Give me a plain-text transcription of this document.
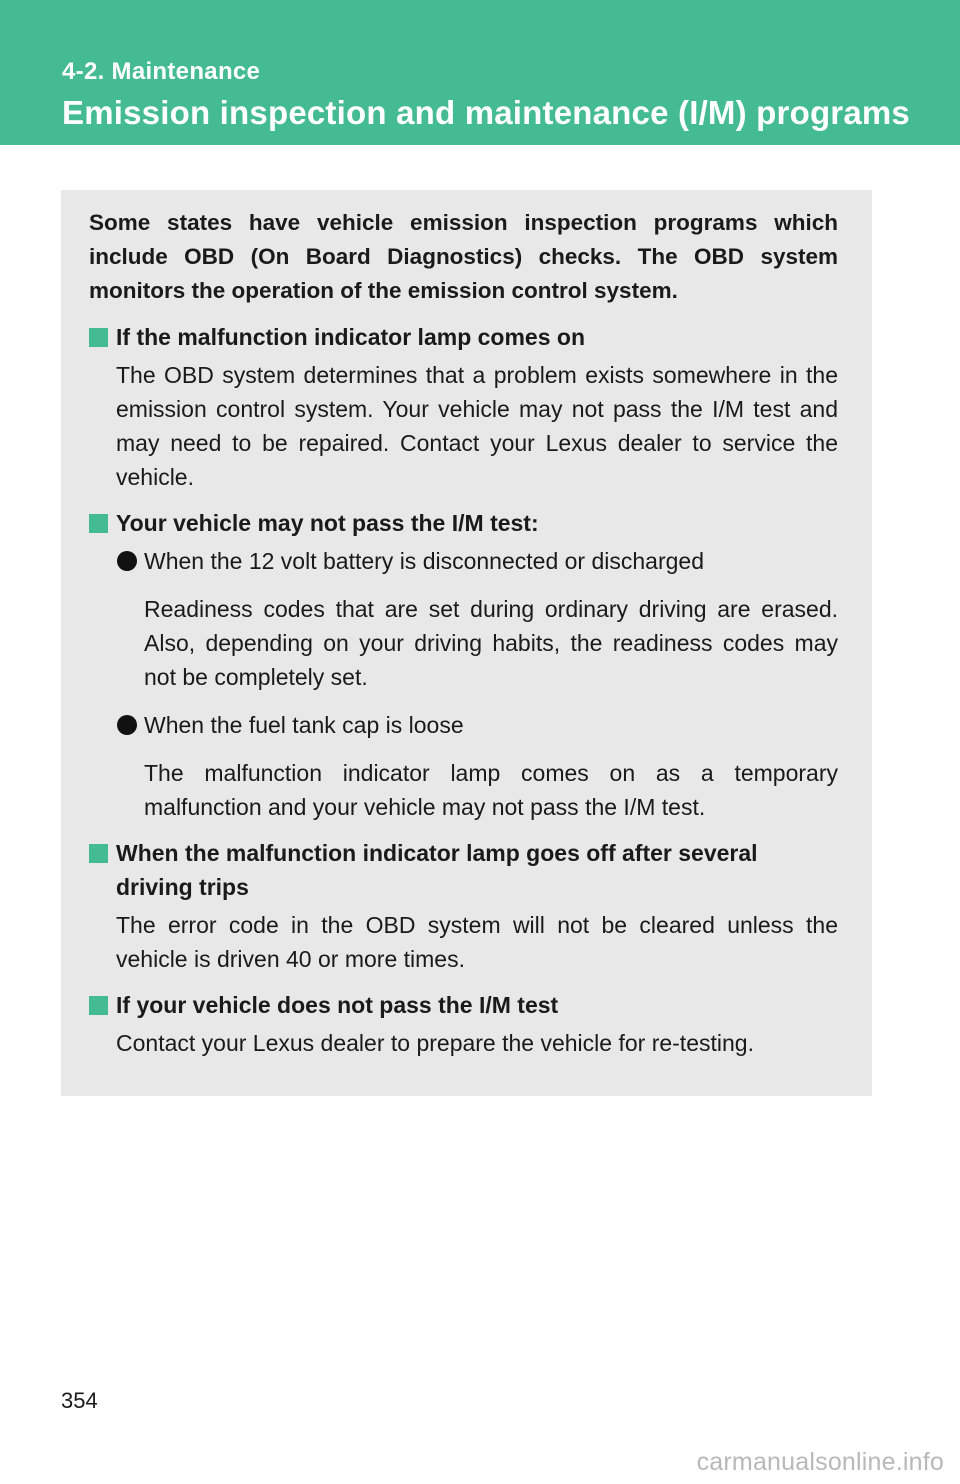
4-2. Maintenance
Emission inspection and maintenance (I/M) programs

Some states have vehicle emission inspection programs which include OBD (On Board Diagnostics) checks. The OBD system monitors the operation of the emission control system.

If the malfunction indicator lamp comes on

The OBD system determines that a problem exists somewhere in the emission control system. Your vehicle may not pass the I/M test and may need to be repaired. Contact your Lexus dealer to service the vehicle.

Your vehicle may not pass the I/M test:
When the 12 volt battery is disconnected or discharged

Readiness codes that are set during ordinary driving are erased. Also, depending on your driving habits, the readiness codes may not be completely set.

When the fuel tank cap is loose

The malfunction indicator lamp comes on as a temporary malfunction and your vehicle may not pass the I/M test.

When the malfunction indicator lamp goes off after several driving trips

The error code in the OBD system will not be cleared unless the vehicle is driven 40 or more times.

If your vehicle does not pass the I/M test

Contact your Lexus dealer to prepare the vehicle for re-testing.

354
carmanualsonline.info
